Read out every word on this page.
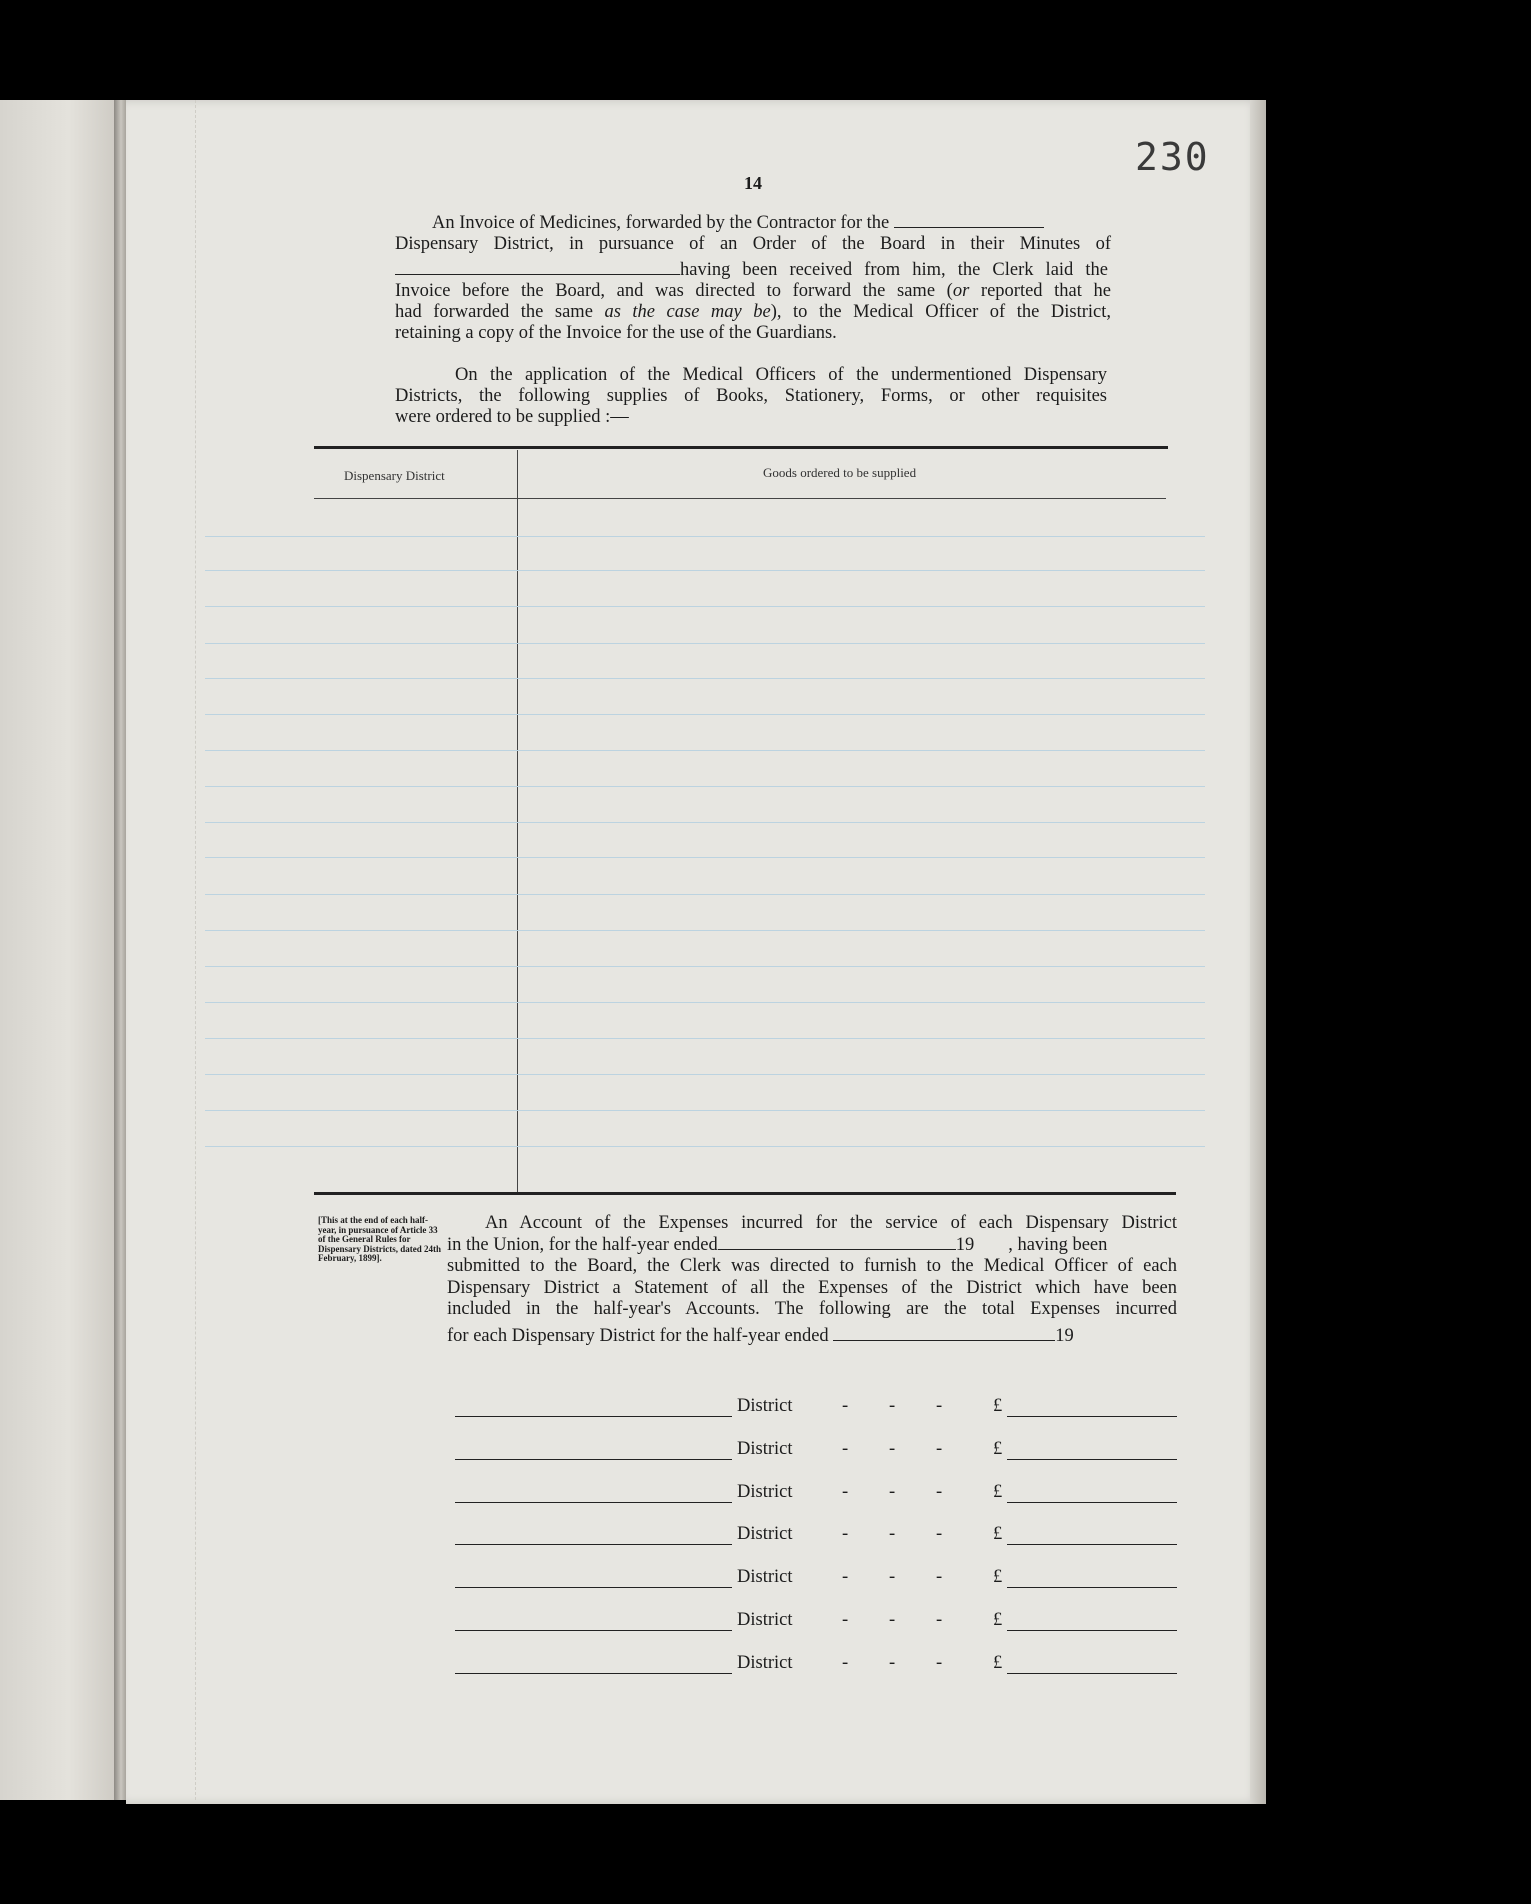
230
14
An Invoice of Medicines, forwarded by the Contractor for the
Dispensary District, in pursuance of an Order of the Board in their Minutes of
having been received from him, the Clerk laid the
Invoice before the Board, and was directed to forward the same (or reported that he
had forwarded the same as the case may be), to the Medical Officer of the District,
retaining a copy of the Invoice for the use of the Guardians.
On the application of the Medical Officers of the undermentioned Dispensary
Districts, the following supplies of Books, Stationery, Forms, or other requisites
were ordered to be supplied :—
Dispensary District	Goods ordered to be supplied
[This at the end of each half-year, in pursuance of Article 33 of the General Rules for Dispensary Districts, dated 24th February, 1899].
An Account of the Expenses incurred for the service of each Dispensary District
in the Union, for the half-year ended	19 , having been
submitted to the Board, the Clerk was directed to furnish to the Medical Officer of each
Dispensary District a Statement of all the Expenses of the District which have been
included in the half-year's Accounts. The following are the total Expenses incurred
for each Dispensary District for the half-year ended	19
District	- - -	£
District	- - -	£
District	- - -	£
District	- - -	£
District	- - -	£
District	- - -	£
District	- - -	£
